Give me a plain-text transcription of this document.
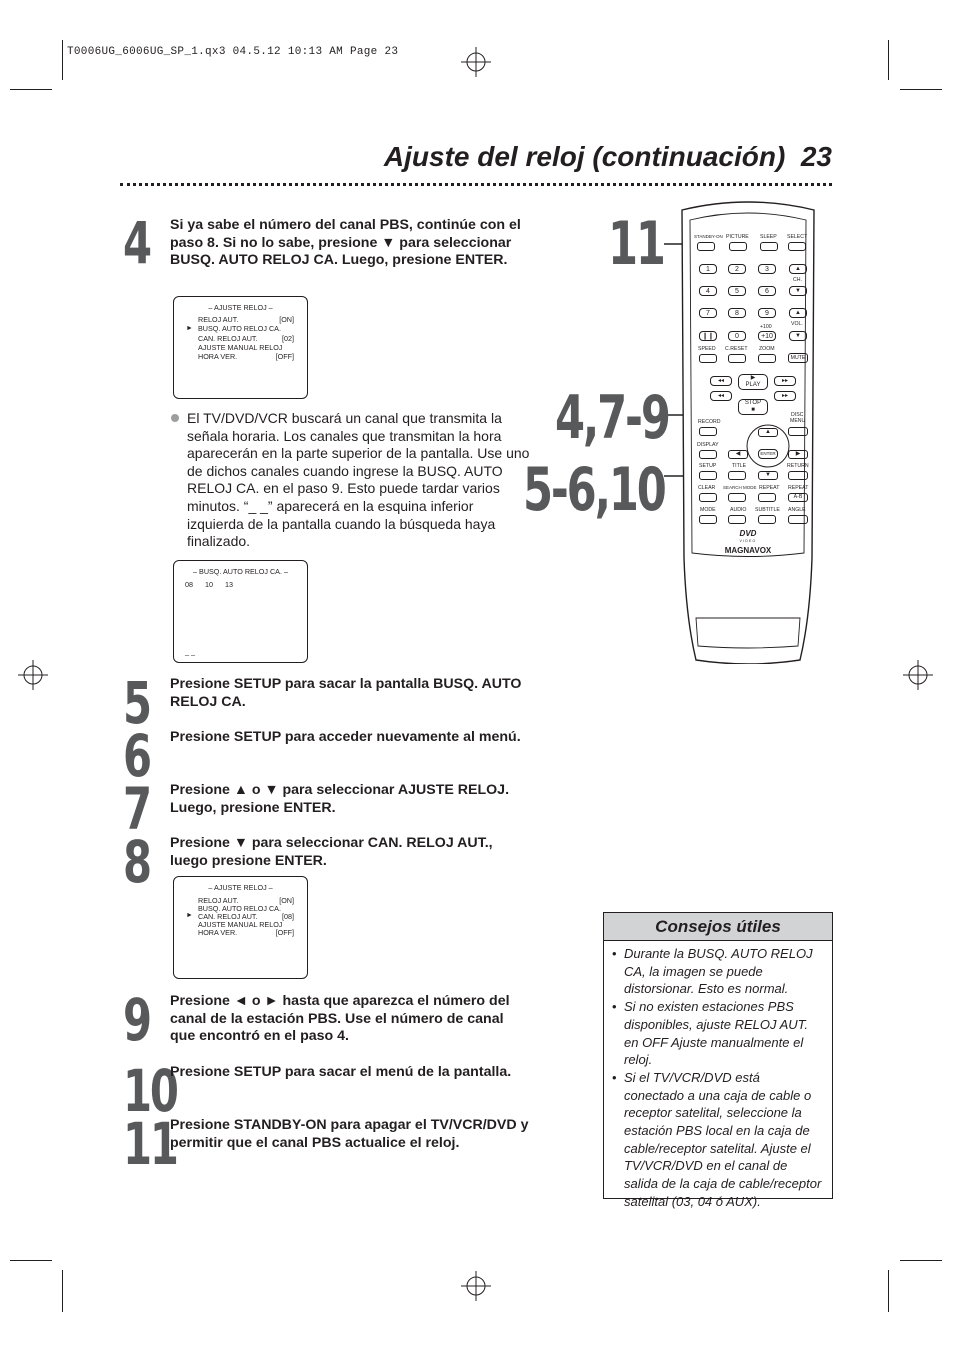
T0006UG_6006UG_SP_1.qx3 04.5.12 10:13 AM Page 23
Ajuste del reloj (continuación) 23
4 Si ya sabe el número del canal PBS, continúe con el paso 8. Si no lo sabe, presione ▼ para seleccionar BUSQ. AUTO RELOJ CA. Luego, presione ENTER.
– AJUSTE RELOJ –
►
RELOJ AUT.	[ON]
BUSQ. AUTO RELOJ CA.
CAN. RELOJ AUT.	[02]
AJUSTE MANUAL RELOJ
HORA VER.	[OFF]
El TV/DVD/VCR buscará un canal que transmita la señala horaria. Los canales que transmitan la hora aparecerán en la parte superior de la pantalla. Use uno de dichos canales cuando ingrese la BUSQ. AUTO RELOJ CA. en el paso 9. Esto puede tardar varios minutos. “_ _” aparecerá en la esquina inferior izquierda de la pantalla cuando la búsqueda haya finalizado.
– BUSQ. AUTO RELOJ CA. –
08 10 13
_ _
5 Presione SETUP para sacar la pantalla BUSQ. AUTO RELOJ CA.
6 Presione SETUP para acceder nuevamente al menú.
7 Presione ▲ o ▼ para seleccionar AJUSTE RELOJ. Luego, presione ENTER.
8 Presione ▼ para seleccionar CAN. RELOJ AUT., luego presione ENTER.
– AJUSTE RELOJ –
►
RELOJ AUT.	[ON]
BUSQ. AUTO RELOJ CA.
CAN. RELOJ AUT.	[08]
AJUSTE MANUAL RELOJ
HORA VER.	[OFF]
9 Presione ◄ o ► hasta que aparezca el número del canal de la estación PBS. Use el número de canal que encontró en el paso 4.
10
Presione SETUP para sacar el menú de la pantalla.
11
Presione STANDBY-ON para apagar el TV/VCR/DVD y permitir que el canal PBS actualice el reloj.
11
4,7-9
5-6,10
STANDBY-ON PICTURE SLEEP SELECT
1	2	3
4	5	6
7	8	9
❙❙	0
+100
+10
▲
CH.
▼
▲
VOL.
▼
SPEED C.RESET ZOOM
MUTE
◂◂	▶
PLAY
▸▸
◂◂
STOP
■
▸▸
RECORD
DISC
MENU
▲
DISPLAY
◀	ENTER	▶
SETUP	TITLE	RETURN
▼
CLEAR SEARCH MODE REPEAT REPEAT
A-B
MODE	AUDIO SUBTITLE ANGLE
DVD
VIDEO
MAGNAVOX
Consejos útiles
• Durante la BUSQ. AUTO RELOJ CA, la imagen se puede distorsionar. Esto es normal.
• Si no existen estaciones PBS disponibles, ajuste RELOJ AUT. en OFF Ajuste manualmente el reloj.
• Si el TV/VCR/DVD está conectado a una caja de cable o receptor satelital, seleccione la estación PBS local en la caja de cable/receptor satelital. Ajuste el TV/VCR/DVD en el canal de salida de la caja de cable/receptor satelital (03, 04 ó AUX).
